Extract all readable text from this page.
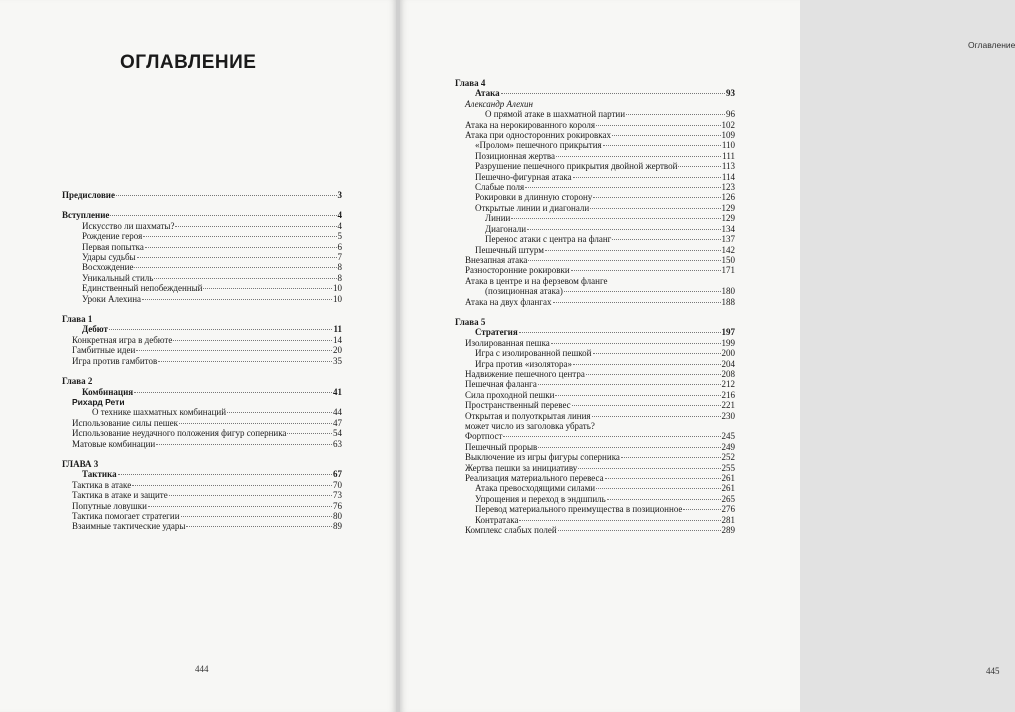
ОГЛАВЛЕНИЕ
444
Оглавление
445
Предисловие	3
Вступление	4
Искусство ли шахматы?	4
Рождение героя	5
Первая попытка	6
Удары судьбы	7
Восхождение	8
Уникальный стиль	8
Единственный непобежденный	10
Уроки Алехина	10
Глава 1
Дебют	11
Конкретная игра в дебюте	14
Гамбитные идеи	20
Игра против гамбитов	35
Глава 2
Комбинация	41
Рихард Рети
О технике шахматных комбинаций	44
Использование силы пешек	47
Использование неудачного положения фигур соперника	54
Матовые комбинации	63
ГЛАВА 3
Тактика	67
Тактика в атаке	70
Тактика в атаке и защите	73
Попутные ловушки	76
Тактика помогает стратегии	80
Взаимные тактические удары	89
Глава 4
Атака	93
Александр Алехин
О прямой атаке в шахматной партии	96
Атака на нерокированного короля	102
Атака при односторонних рокировках	109
«Пролом» пешечного прикрытия	110
Позиционная жертва	111
Разрушение пешечного прикрытия двойной жертвой	113
Пешечно-фигурная атака	114
Слабые поля	123
Рокировки в длинную сторону	126
Открытые линии и диагонали	129
Линии	129
Диагонали	134
Перенос атаки с центра на фланг	137
Пешечный штурм	142
Внезапная атака	150
Разносторонние рокировки	171
Атака в центре и на ферзевом фланге
(позиционная атака)	180
Атака на двух флангах	188
Глава 5
Стратегия	197
Изолированная пешка	199
Игра с изолированной пешкой	200
Игра против «изолятора»	204
Надвижение пешечного центра	208
Пешечная фаланга	212
Сила проходной пешки	216
Пространственный перевес	221
Открытая и полуоткрытая линия	230
может число из заголовка убрать?
Фортпост	245
Пешечный прорыв	249
Выключение из игры фигуры соперника	252
Жертва пешки за инициативу	255
Реализация материального перевеса	261
Атака превосходящими силами	261
Упрощения и переход в эндшпиль	265
Перевод материального преимущества в позиционное	276
Контратака	281
Комплекс слабых полей	289
